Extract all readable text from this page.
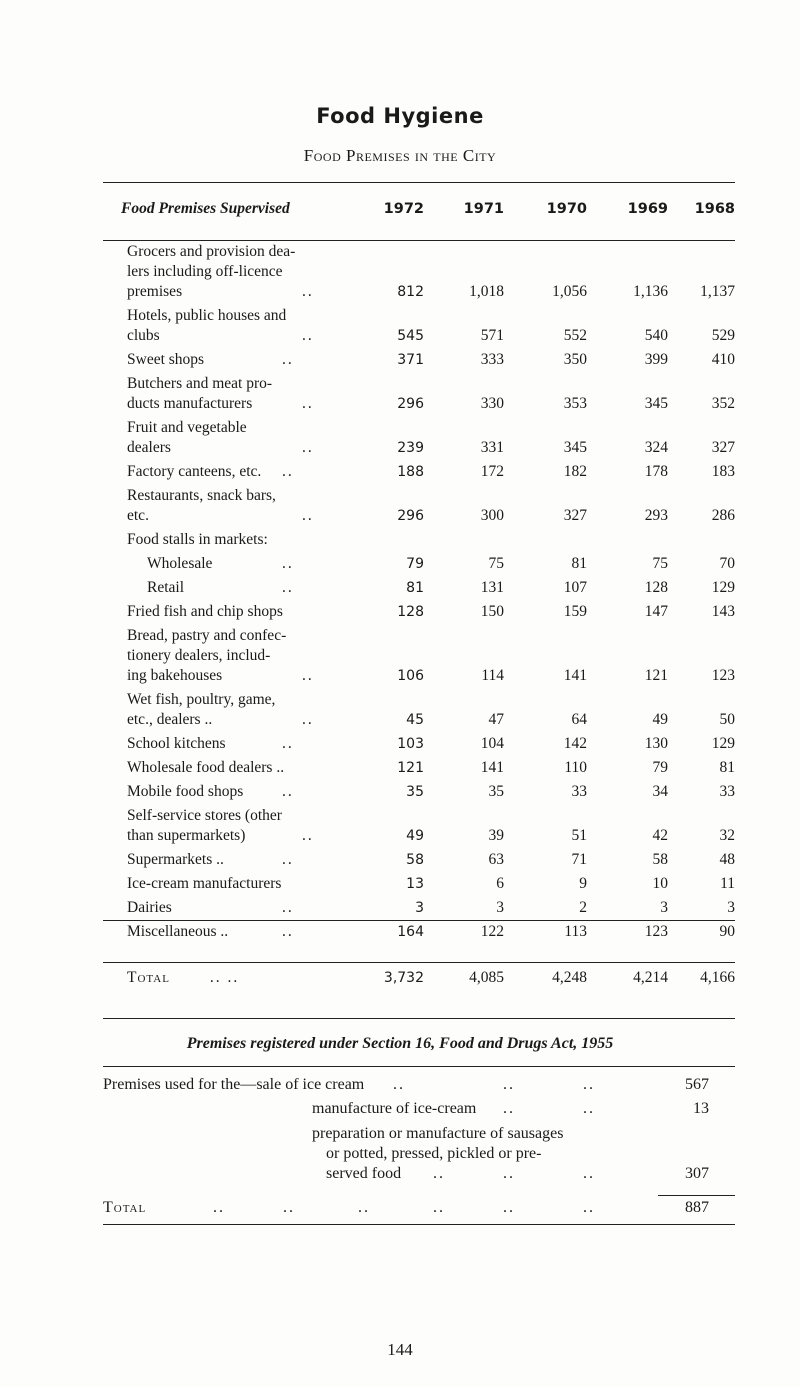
Food Hygiene
Food Premises in the City
Food Premises Supervised	1972	1971	1970	1969	1968

Grocers and provision dea-
lers including off-licence
premises ..	812	1,018	1,056	1,136	1,137

Hotels, public houses and
clubs ..	545	571	552	540	529

Sweet shops ..	371	333	350	399	410

Butchers and meat pro-
ducts manufacturers ..	296	330	353	345	352

Fruit and vegetable
dealers ..	239	331	345	324	327

Factory canteens, etc. ..	188	172	182	178	183

Restaurants, snack bars,
etc. ..	296	300	327	293	286

Food stalls in markets:					

Wholesale ..	79	75	81	75	70
Retail ..	81	131	107	128	129

Fried fish and chip shops	128	150	159	147	143

Bread, pastry and confec-
tionery dealers, includ-
ing bakehouses ..	106	114	141	121	123

Wet fish, poultry, game,
etc., dealers .. ..	45	47	64	49	50

School kitchens ..	103	104	142	130	129

Wholesale food dealers ..	121	141	110	79	81

Mobile food shops ..	35	35	33	34	33

Self-service stores (other
than supermarkets) ..	49	39	51	42	32

Supermarkets .. ..	58	63	71	58	48

Ice-cream manufacturers	13	6	9	10	11

Dairies ..	3	3	2	3	3

Miscellaneous .. ..	164	122	113	123	90
Total .. ..	3,732	4,085	4,248	4,214	4,166
Premises registered under Section 16, Food and Drugs Act, 1955
Premises used for the—sale of ice cream ..	..	..	567
manufacture of ice-cream ..	..	13
preparation or manufacture of sausages
or potted, pressed, pickled or pre-
served food ..	..	..	307
Total	..	..	..	..	..	..	887
144
